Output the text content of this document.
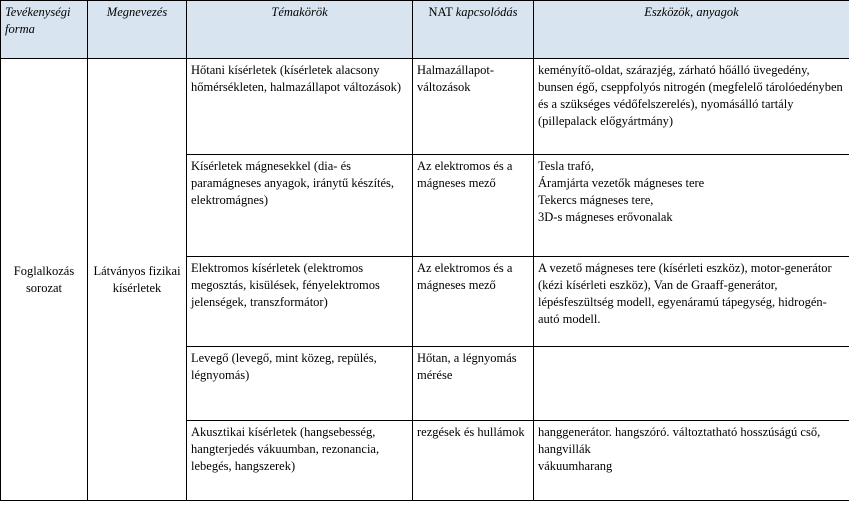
Tevékenységi forma	Megnevezés	Témakörök	NAT kapcsolódás	Eszközök, anyagok
Foglalkozás sorozat	Látványos fizikai kísérletek	Hőtani kísérletek (kísérletek alacsony hőmérsékleten, halmazállapot változások)	Halmazállapot-változások	keményítő-oldat, szárazjég, zárható hőálló üvegedény, bunsen égő, cseppfolyós nitrogén (megfelelő tárolóedényben és a szükséges védőfelszerelés), nyomásálló tartály (pillepalack előgyártmány)
		Kísérletek mágnesekkel (dia- és paramágneses anyagok, iránytű készítés, elektromágnes)	Az elektromos és a mágneses mező	Tesla trafó,
Áramjárta vezetők mágneses tere
Tekercs mágneses tere,
3D-s mágneses erővonalak

		Elektromos kísérletek (elektromos megosztás, kisülések, fényelektromos jelenségek, transzformátor)	Az elektromos és a mágneses mező	A vezető mágneses tere (kísérleti eszköz), motor-generátor (kézi kísérleti eszköz), Van de Graaff-generátor, lépésfeszültség modell, egyenáramú tápegység, hidrogén-autó modell.
		Levegő (levegő, mint közeg, repülés, légnyomás)	Hőtan, a légnyomás mérése	
		Akusztikai kísérletek (hangsebesség, hangterjedés vákuumban, rezonancia, lebegés, hangszerek)	rezgések és hullámok	hanggenerátor. hangszóró. változtatható hosszúságú cső, hangvillák
vákuumharang
